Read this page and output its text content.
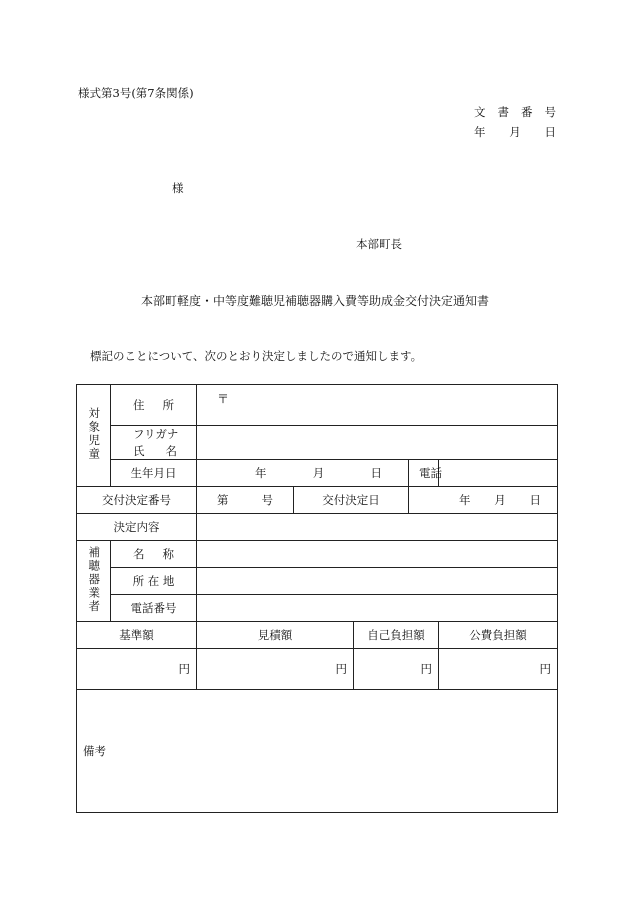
様式第3号(第7条関係)
文書番号
年 月 日
様
本部町長
本部町軽度・中等度難聴児補聴器購入費等助成金交付決定通知書
標記のことについて、次のとおり決定しましたので通知します。
対象児童	住 所	〒				

	フリガナ
氏 名					

	生年月日	年 月 日			電 話	

交付決定番号		第 号	交付決定日		年 月 日	

決定内容						
補聴器業者	名 称					

	所 在 地					
	電話番号					
基準額		見積額		自己負担額		公費負担額
円		円		円		円

備考						
